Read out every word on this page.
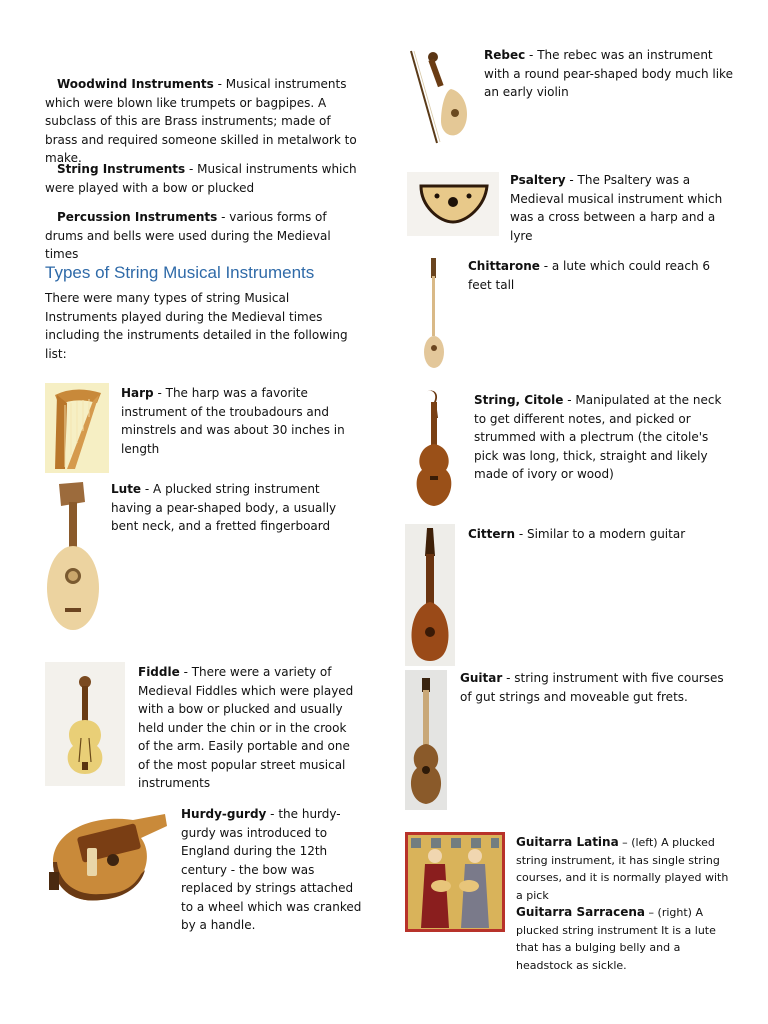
Woodwind Instruments - Musical instruments which were blown like trumpets or bagpipes. A subclass of this are Brass instruments; made of brass and required someone skilled in metalwork to make.

String Instruments - Musical instruments which were played with a bow or plucked

Percussion Instruments - various forms of drums and bells were used during the Medieval times

Types of String Musical Instruments

There were many types of string Musical Instruments played during the Medieval times including the instruments detailed in the following list:

Harp - The harp was a favorite instrument of the troubadours and minstrels and was about 30 inches in length

Lute - A plucked string instrument having a pear-shaped body, a usually bent neck, and a fretted fingerboard

Fiddle - There were a variety of Medieval Fiddles which were played with a bow or plucked and usually held under the chin or in the crook of the arm. Easily portable and one of the most popular street musical instruments

Hurdy-gurdy - the hurdy-gurdy was introduced to England during the 12th century - the bow was replaced by strings attached to a wheel which was cranked by a handle.

Rebec - The rebec was an instrument with a round pear-shaped body much like an early violin

Psaltery - The Psaltery was a Medieval musical instrument which was a cross between a harp and a lyre

Chittarone - a lute which could reach 6 feet tall

String, Citole - Manipulated at the neck to get different notes, and picked or strummed with a plectrum (the citole's pick was long, thick, straight and likely made of ivory or wood)

Cittern - Similar to a modern guitar

Guitar - string instrument with five courses of gut strings and moveable gut frets.

Guitarra Latina – (left) A plucked string instrument, it has single string courses, and it is normally played with a pick

Guitarra Sarracena – (right) A plucked string instrument It is a lute that has a bulging belly and a headstock as sickle.
